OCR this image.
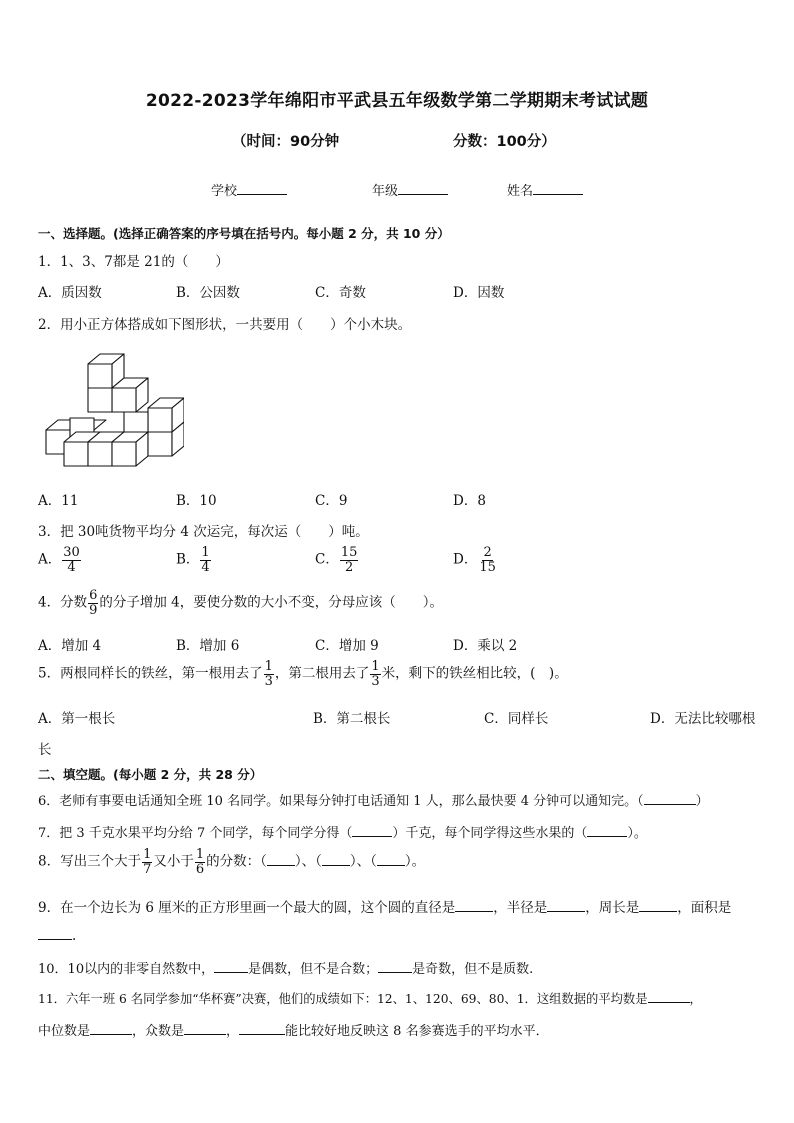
2022-2023学年绵阳市平武县五年级数学第二学期期末考试试题
（时间：90分钟	分数：100分）
学校	年级	姓名
一、选择题。(选择正确答案的序号填在括号内。每小题 2 分，共 10 分）
1．1、3、7都是 21的（　　）
A．质因数	B．公因数	C．奇数	D．因数
2．用小正方体搭成如下图形状，一共要用（　　）个小木块。
A．11	B．10	C．9	D．8
3．把 30吨货物平均分 4 次运完，每次运（　　）吨。
A． $\frac{30}{4}$	B． $\frac{1}{4}$	C． $\frac{15}{2}$	D． $\frac{2}{15}$
4．分数 $\frac{6}{9}$ 的分子增加 4，要使分数的大小不变，分母应该（　　）。
A．增加 4	B．增加 6	C．增加 9	D．乘以 2
5．两根同样长的铁丝，第一根用去了 $\frac{1}{3}$ ，第二根用去了 $\frac{1}{3}$ 米，剩下的铁丝相比较，(　)。
A．第一根长	B．第二根长	C．同样长	D．无法比较哪根
长
二、填空题。(每小题 2 分，共 28 分）
6．老师有事要电话通知全班 10 名同学。如果每分钟打电话通知 1 人，那么最快要 4 分钟可以通知完。（	）
7．把 3 千克水果平均分给 7 个同学，每个同学分得（	）千克，每个同学得这些水果的（	）。
8．写出三个大于 $\frac{1}{7}$ 又小于 $\frac{1}{6}$ 的分数：（ ）、（ ）、（ ）。
9．在一个边长为 6 厘米的正方形里画一个最大的圆，这个圆的直径是	，半径是	，周长是	，面积是
.
10．10以内的非零自然数中，	是偶数，但不是合数；	是奇数，但不是质数.
11．六年一班 6 名同学参加“华杯赛”决赛，他们的成绩如下：12、1、120、69、80、1．这组数据的平均数是	，
中位数是	，众数是	，	能比较好地反映这 8 名参赛选手的平均水平．
